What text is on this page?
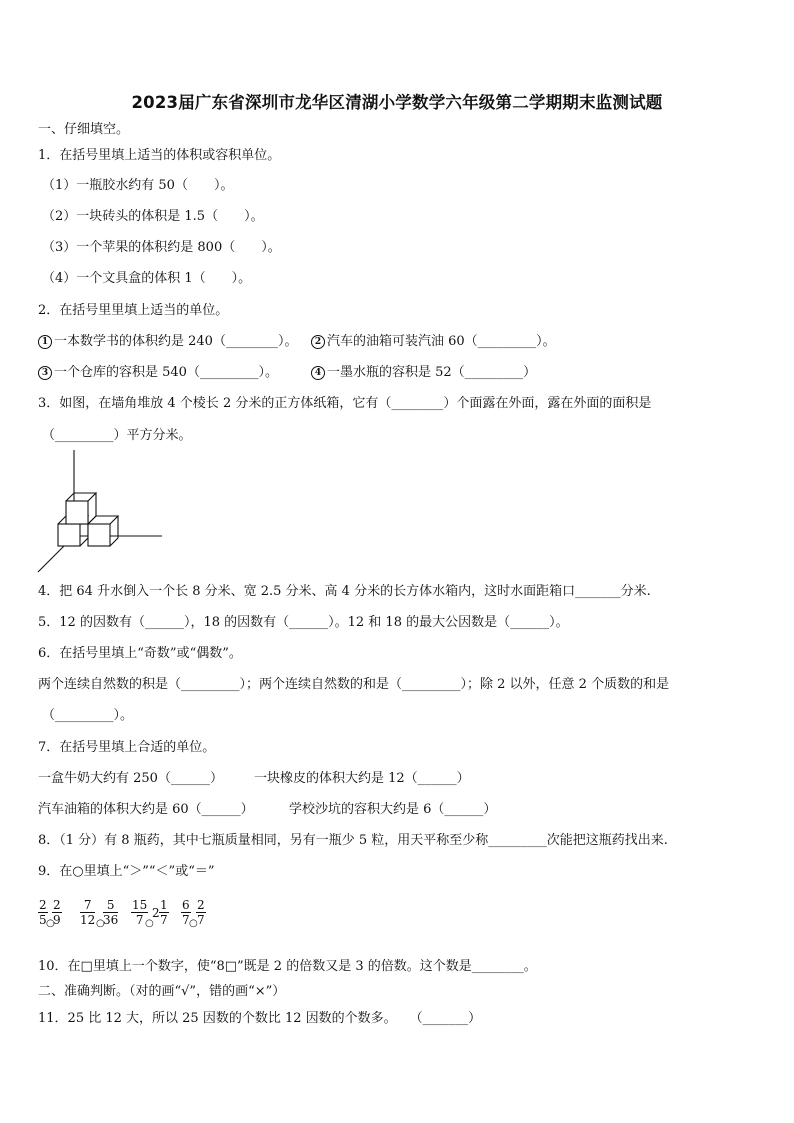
2023届广东省深圳市龙华区清湖小学数学六年级第二学期期末监测试题
一、仔细填空。
1．在括号里填上适当的体积或容积单位。
（1）一瓶胶水约有 50（　　）。
（2）一块砖头的体积是 1.5（　　）。
（3）一个苹果的体积约是 800（　　）。
（4）一个文具盒的体积 1（　　）。
2．在括号里里填上适当的单位。
1 一本数学书的体积约是 240（________）。	2 汽车的油箱可装汽油 60（_________）。
3 一个仓库的容积是 540（_________）。	4 一墨水瓶的容积是 52（_________）
3．如图，在墙角堆放 4 个棱长 2 分米的正方体纸箱，它有（________）个面露在外面，露在外面的面积是
（_________）平方分米。
4．把 64 升水倒入一个长 8 分米、宽 2.5 分米、高 4 分米的长方体水箱内，这时水面距箱口_______分米.
5．12 的因数有（______），18 的因数有（______）。12 和 18 的最大公因数是（______）。
6．在括号里填上“奇数”或“偶数”。
两个连续自然数的积是（_________）；两个连续自然数的和是（_________）；除 2 以外，任意 2 个质数的和是
（_________）。
7．在括号里填上合适的单位。
一盒牛奶大约有 250（______） 一块橡皮的体积大约是 12（______）
汽车油箱的体积大约是 60（______）	学校沙坑的容积大约是 6（______）
8．（1 分）有 8 瓶药，其中七瓶质量相同，另有一瓶少 5 粒，用天平称至少称_________次能把这瓶药找出来.
9．在○里填上“＞”“＜”或“＝”
$\frac{2}{5}$
○
$\frac{2}{9} \frac{7}{12}$ ○
$\frac{5}{36} \frac{15}{7}$
○
$2 \frac{1}{7} \frac{6}{7}$
○
$\frac{2}{7}$
10．在□里填上一个数字，使“8□”既是 2 的倍数又是 3 的倍数。这个数是________。
二、准确判断。（对的画“√”，错的画“×”）
11．25 比 12 大，所以 25 因数的个数比 12 因数的个数多。　　（_______）
